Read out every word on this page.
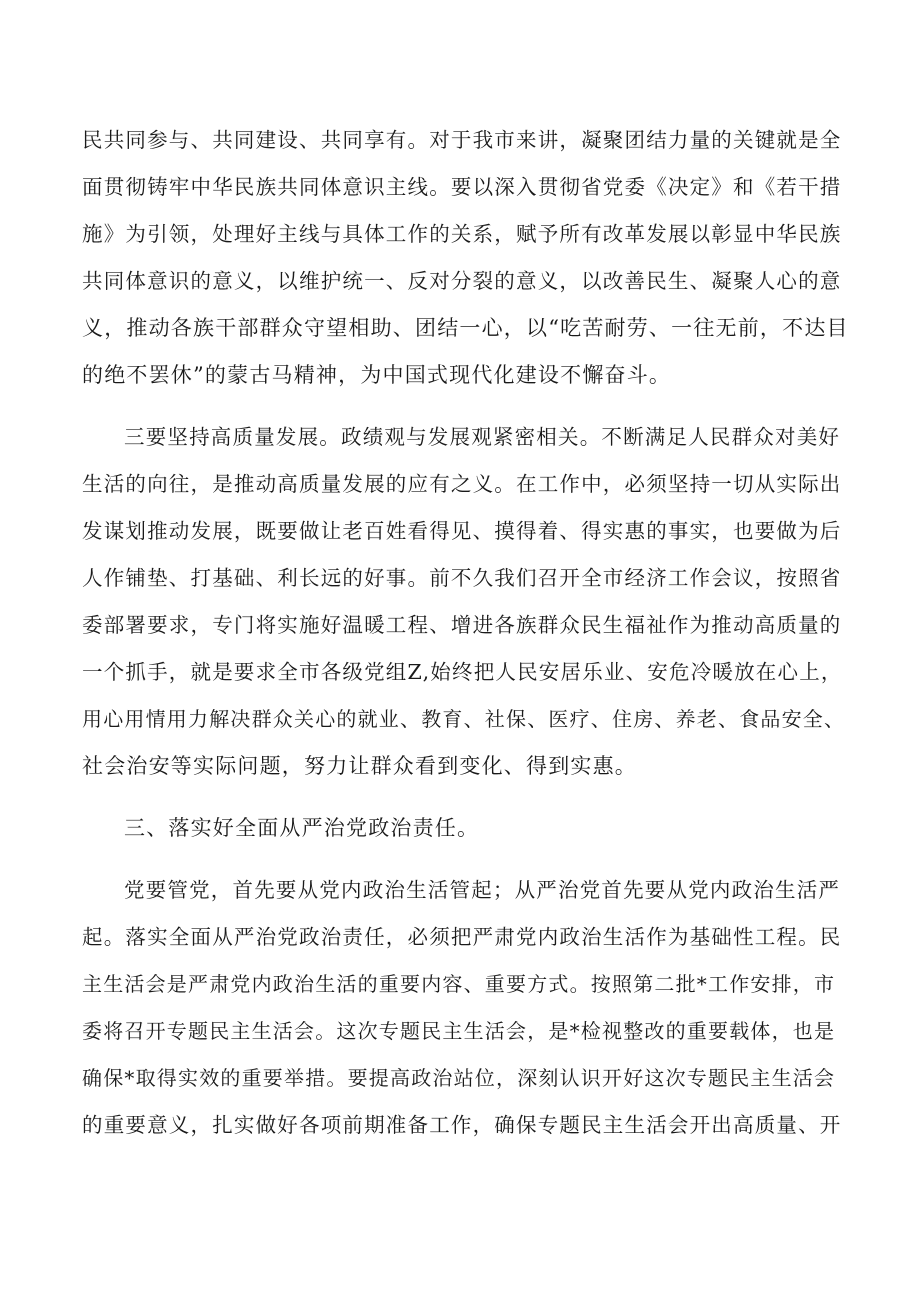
民共同参与、共同建设、共同享有。对于我市来讲，凝聚团结力量的关键就是全
面贯彻铸牢中华民族共同体意识主线。要以深入贯彻省党委《决定》和《若干措
施》为引领，处理好主线与具体工作的关系，赋予所有改革发展以彰显中华民族
共同体意识的意义，以维护统一、反对分裂的意义，以改善民生、凝聚人心的意
义，推动各族干部群众守望相助、团结一心，以“吃苦耐劳、一往无前，不达目
的绝不罢休”的蒙古马精神，为中国式现代化建设不懈奋斗。
三要坚持高质量发展。政绩观与发展观紧密相关。不断满足人民群众对美好
生活的向往，是推动高质量发展的应有之义。在工作中，必须坚持一切从实际出
发谋划推动发展，既要做让老百姓看得见、摸得着、得实惠的事实，也要做为后
人作铺垫、打基础、利长远的好事。前不久我们召开全市经济工作会议，按照省
委部署要求，专门将实施好温暖工程、增进各族群众民生福祉作为推动高质量的
一个抓手，就是要求全市各级党组Z,始终把人民安居乐业、安危冷暖放在心上，
用心用情用力解决群众关心的就业、教育、社保、医疗、住房、养老、食品安全、
社会治安等实际问题，努力让群众看到变化、得到实惠。
三、落实好全面从严治党政治责任。
党要管党，首先要从党内政治生活管起；从严治党首先要从党内政治生活严
起。落实全面从严治党政治责任，必须把严肃党内政治生活作为基础性工程。民
主生活会是严肃党内政治生活的重要内容、重要方式。按照第二批*工作安排，市
委将召开专题民主生活会。这次专题民主生活会，是*检视整改的重要载体，也是
确保*取得实效的重要举措。要提高政治站位，深刻认识开好这次专题民主生活会
的重要意义，扎实做好各项前期准备工作，确保专题民主生活会开出高质量、开
